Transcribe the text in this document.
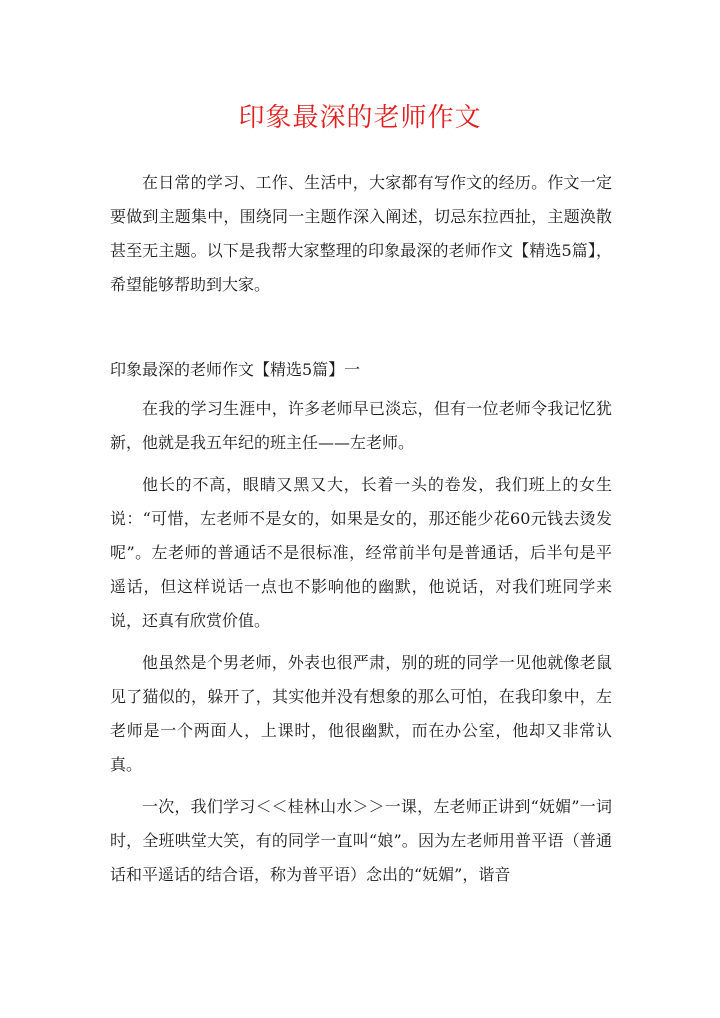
印象最深的老师作文
在日常的学习、工作、生活中，大家都有写作文的经历。作文一定要做到主题集中，围绕同一主题作深入阐述，切忌东拉西扯，主题涣散甚至无主题。以下是我帮大家整理的印象最深的老师作文【精选5篇】，希望能够帮助到大家。
印象最深的老师作文【精选5篇】一

在我的学习生涯中，许多老师早已淡忘，但有一位老师令我记忆犹新，他就是我五年纪的班主任——左老师。

他长的不高，眼睛又黑又大，长着一头的卷发，我们班上的女生说：“可惜，左老师不是女的，如果是女的，那还能少花60元钱去烫发呢”。左老师的普通话不是很标准，经常前半句是普通话，后半句是平遥话，但这样说话一点也不影响他的幽默，他说话，对我们班同学来说，还真有欣赏价值。

他虽然是个男老师，外表也很严肃，别的班的同学一见他就像老鼠见了猫似的，躲开了，其实他并没有想象的那么可怕，在我印象中，左老师是一个两面人，上课时，他很幽默，而在办公室，他却又非常认真。

一次，我们学习＜＜桂林山水＞＞一课，左老师正讲到“妩媚”一词时，全班哄堂大笑，有的同学一直叫“娘”。因为左老师用普平语（普通话和平遥话的结合语，称为普平语）念出的“妩媚”，谐音
